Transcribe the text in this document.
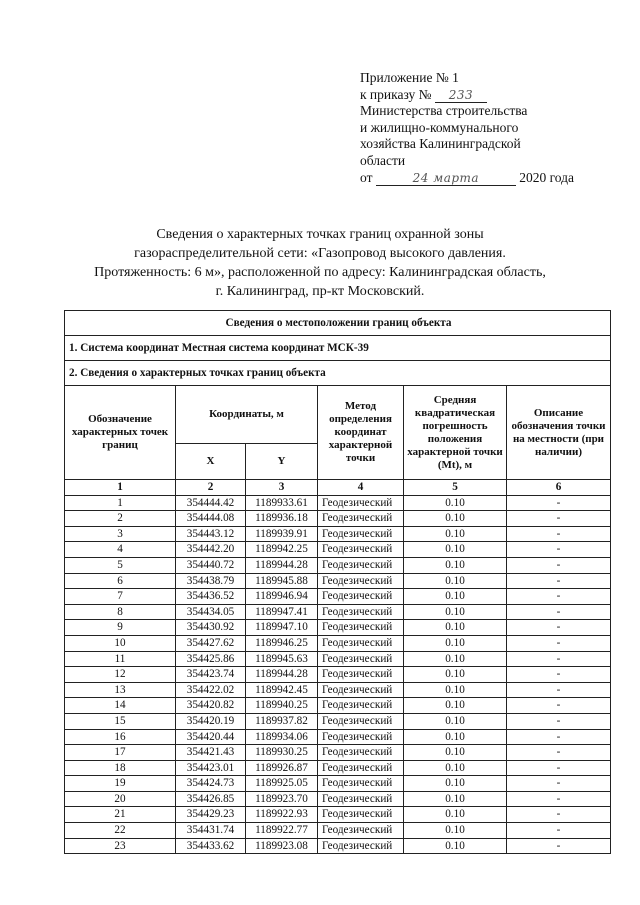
Приложение № 1
к приказу № 233
Министерства строительства
и жилищно-коммунального
хозяйства Калининградской
области
от	24 марта	2020 года
Сведения о характерных точках границ охранной зоны
газораспределительной сети: «Газопровод высокого давления.
Протяженность: 6 м», расположенной по адресу: Калининградская область,
г. Калининград, пр-кт Московский.
Сведения о местоположении границ объекта					
1. Система координат Местная система координат МСК-39					
2. Сведения о характерных точках границ объекта					
Обозначение характерных точек границ	Координаты, м		Метод определения координат характерной точки	Средняя квадратическая погрешность положения характерной точки (Mt), м	Описание обозначения точки на местности (при наличии)
	X	Y			
1	2	3	4	5	6
1	354444.42	1189933.61	Геодезический	0.10	-
2	354444.08	1189936.18	Геодезический	0.10	-
3	354443.12	1189939.91	Геодезический	0.10	-
4	354442.20	1189942.25	Геодезический	0.10	-
5	354440.72	1189944.28	Геодезический	0.10	-
6	354438.79	1189945.88	Геодезический	0.10	-
7	354436.52	1189946.94	Геодезический	0.10	-
8	354434.05	1189947.41	Геодезический	0.10	-
9	354430.92	1189947.10	Геодезический	0.10	-
10	354427.62	1189946.25	Геодезический	0.10	-
11	354425.86	1189945.63	Геодезический	0.10	-
12	354423.74	1189944.28	Геодезический	0.10	-
13	354422.02	1189942.45	Геодезический	0.10	-
14	354420.82	1189940.25	Геодезический	0.10	-
15	354420.19	1189937.82	Геодезический	0.10	-
16	354420.44	1189934.06	Геодезический	0.10	-
17	354421.43	1189930.25	Геодезический	0.10	-
18	354423.01	1189926.87	Геодезический	0.10	-
19	354424.73	1189925.05	Геодезический	0.10	-
20	354426.85	1189923.70	Геодезический	0.10	-
21	354429.23	1189922.93	Геодезический	0.10	-
22	354431.74	1189922.77	Геодезический	0.10	-
23	354433.62	1189923.08	Геодезический	0.10	-
